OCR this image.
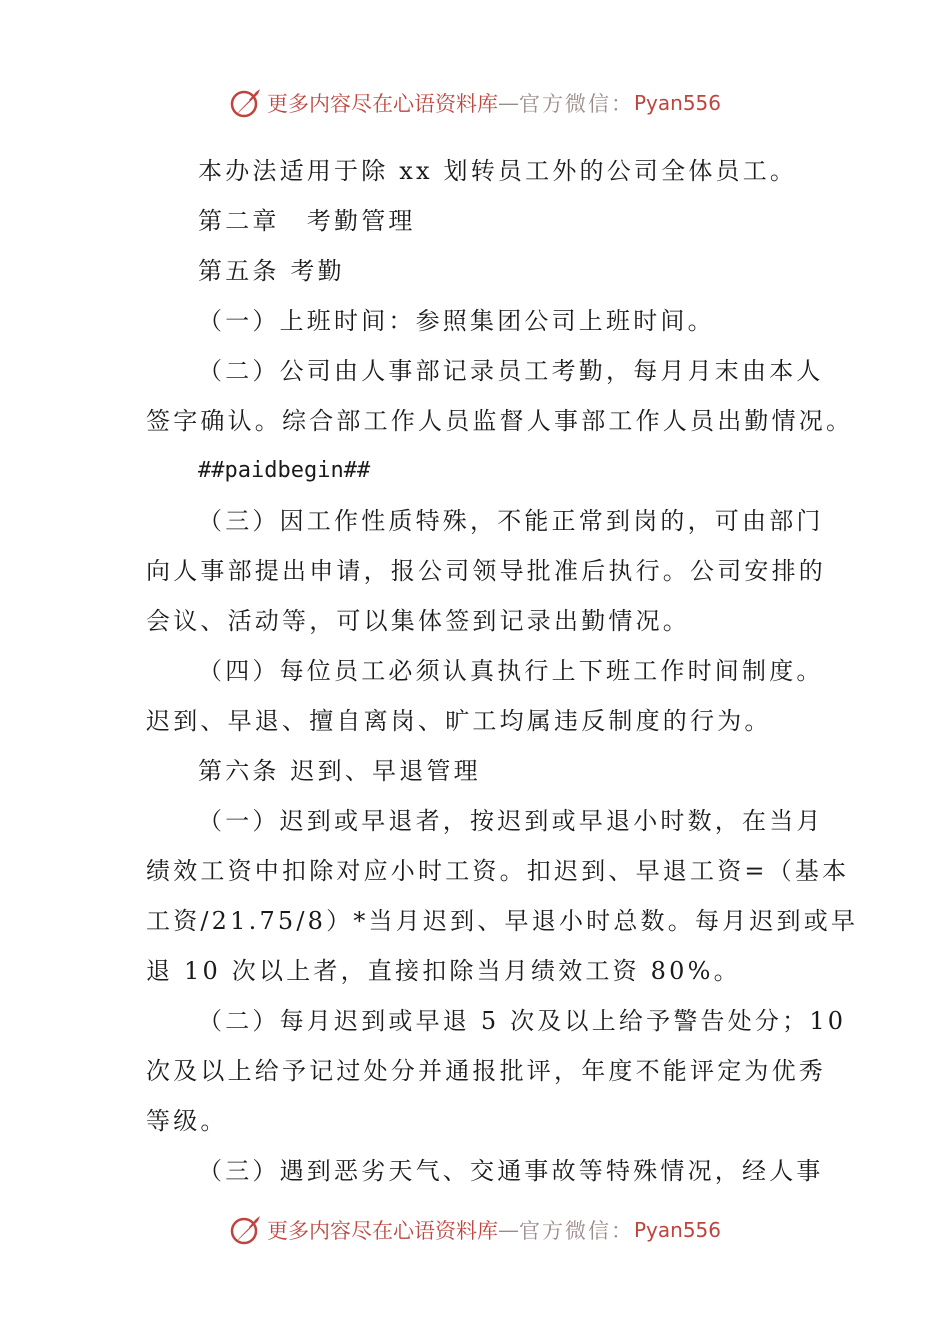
更多内容尽在心语资料库 — 官方微信： Pyan556
本办法适用于除 xx 划转员工外的公司全体员工。
第二章　考勤管理
第五条 考勤
（一）上班时间：参照集团公司上班时间。
（二）公司由人事部记录员工考勤，每月月末由本人
签字确认。综合部工作人员监督人事部工作人员出勤情况。
##paidbegin##
（三）因工作性质特殊，不能正常到岗的，可由部门
向人事部提出申请，报公司领导批准后执行。公司安排的
会议、活动等，可以集体签到记录出勤情况。
（四）每位员工必须认真执行上下班工作时间制度。
迟到、早退、擅自离岗、旷工均属违反制度的行为。
第六条 迟到、早退管理
（一）迟到或早退者，按迟到或早退小时数，在当月
绩效工资中扣除对应小时工资。扣迟到、早退工资=（基本
工资/21.75/8）*当月迟到、早退小时总数。每月迟到或早
退 10 次以上者，直接扣除当月绩效工资 80%。
（二）每月迟到或早退 5 次及以上给予警告处分；10
次及以上给予记过处分并通报批评，年度不能评定为优秀
等级。
（三）遇到恶劣天气、交通事故等特殊情况，经人事
更多内容尽在心语资料库 — 官方微信： Pyan556
